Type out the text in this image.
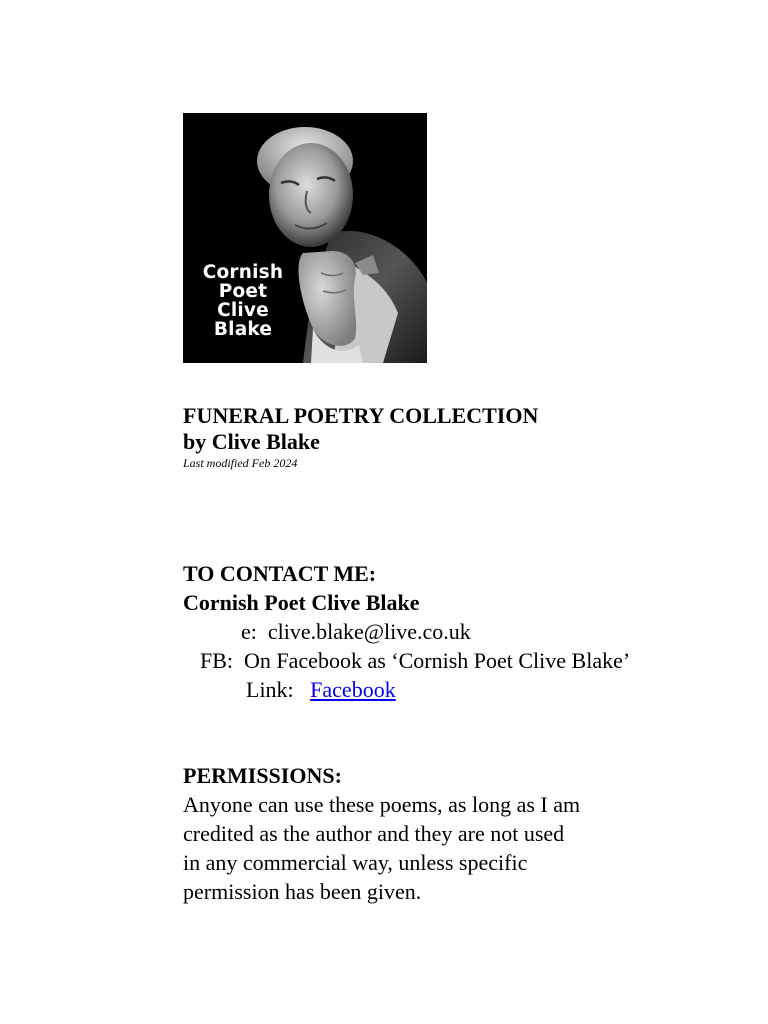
Cornish
Poet
Clive
Blake

FUNERAL POETRY COLLECTION

by Clive Blake

Last modified Feb 2024

TO CONTACT ME:
Cornish Poet Clive Blake
e:  clive.blake@live.co.uk
FB:  On Facebook as ‘Cornish Poet Clive Blake’
Link:   Facebook
PERMISSIONS:
Anyone can use these poems, as long as I am
credited as the author and they are not used
in any commercial way, unless specific
permission has been given.
